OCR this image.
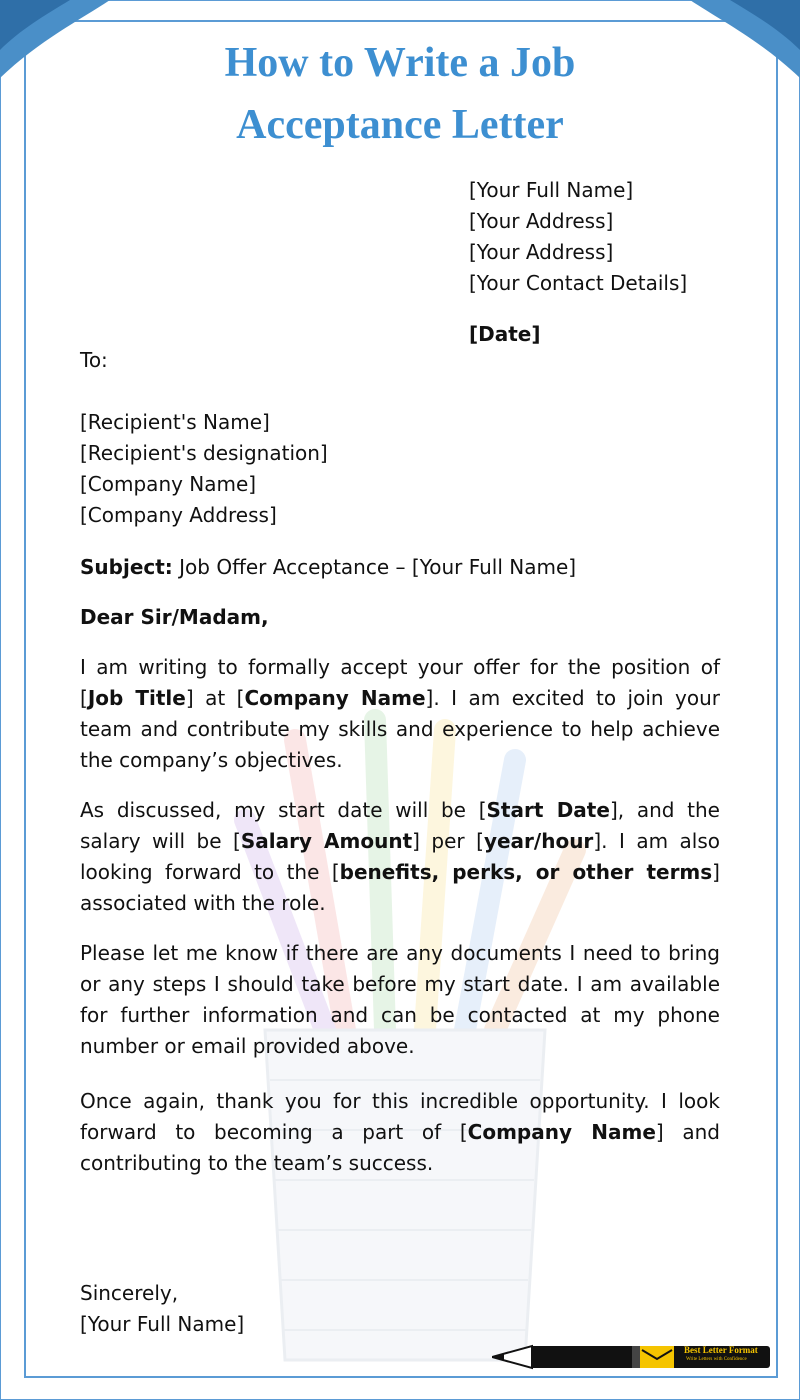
How to Write a Job
Acceptance Letter
[Your Full Name]
[Your Address]
[Your Address]
[Your Contact Details]
[Date]
To:
[Recipient's Name]
[Recipient's designation]
[Company Name]
[Company Address]

Subject: Job Offer Acceptance – [Your Full Name]

Dear Sir/Madam,

I am writing to formally accept your offer for the position of [Job Title] at [Company Name]. I am excited to join your team and contribute my skills and experience to help achieve the company’s objectives.

As discussed, my start date will be [Start Date], and the salary will be [Salary Amount] per [year/hour]. I am also looking forward to the [benefits, perks, or other terms] associated with the role.

Please let me know if there are any documents I need to bring or any steps I should take before my start date. I am available for further information and can be contacted at my phone number or email provided above.

Once again, thank you for this incredible opportunity. I look forward to becoming a part of [Company Name] and contributing to the team’s success.

Sincerely,
[Your Full Name]
Best Letter Format
Write Letters with Confidence
